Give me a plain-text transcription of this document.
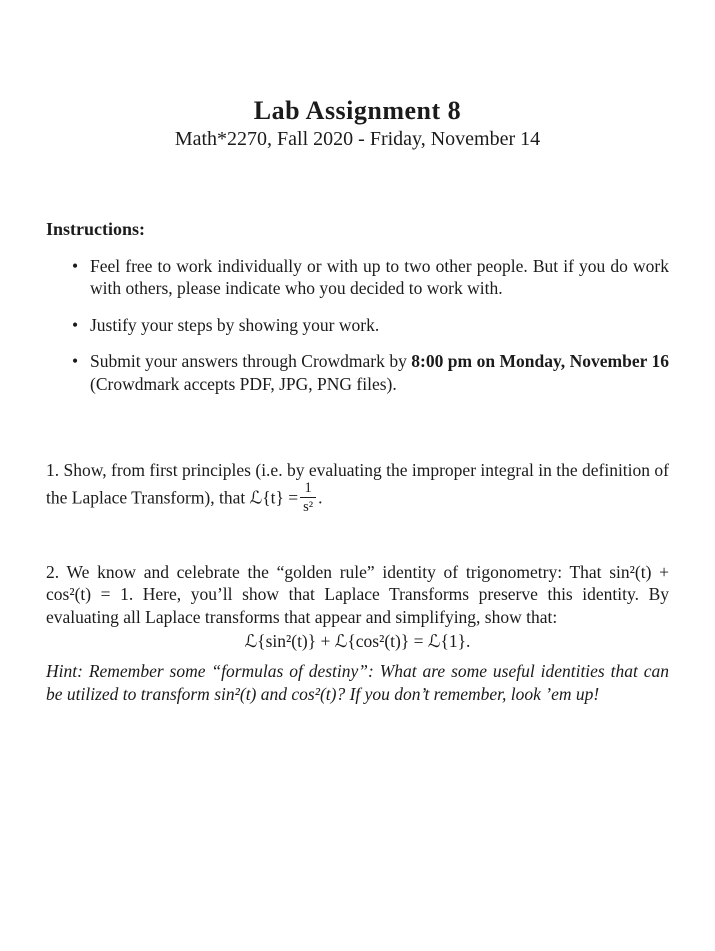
Lab Assignment 8
Math*2270, Fall 2020 - Friday, November 14
Instructions:
• Feel free to work individually or with up to two other people. But if you do work with others, please indicate who you decided to work with.
• Justify your steps by showing your work.
• Submit your answers through Crowdmark by 8:00 pm on Monday, November 16 (Crowdmark accepts PDF, JPG, PNG files).
1. Show, from first principles (i.e. by evaluating the improper integral in the definition of the Laplace Transform), that ℒ{t} = $\frac{1}{\text{s²}}$ .
2. We know and celebrate the “golden rule” identity of trigonometry: That sin²(t) + cos²(t) = 1. Here, you’ll show that Laplace Transforms preserve this identity. By evaluating all Laplace transforms that appear and simplifying, show that:
ℒ{sin²(t)} + ℒ{cos²(t)} = ℒ{1}.
Hint: Remember some “formulas of destiny”: What are some useful identities that can be utilized to transform sin²(t) and cos²(t)? If you don’t remember, look ’em up!
